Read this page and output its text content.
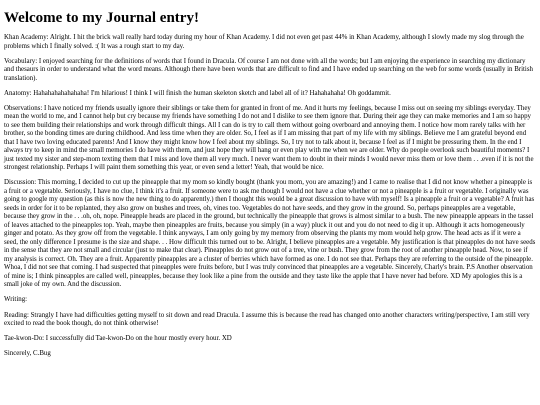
Welcome to my Journal entry!

Khan Academy: Alright. I hit the brick wall really hard today during my hour of Khan Academy. I did not even get past 44% in Khan Academy, although I slowly made my slog through the problems which I finally solved. :( It was a rough start to my day.

Vocabulary: I enjoyed searching for the definitions of words that I found in Dracula. Of course I am not done with all the words; but I am enjoying the experience in searching my dictionary and thesaurs in order to understand what the word means. Although there have been words that are difficult to find and I have ended up searching on the web for some words (usually in British translation).

Anatomy: Hahahahahahahaha! I'm hilarious! I think I will finish the human skeleton sketch and label all of it? Hahahahaha! Oh goddammit.

Observations: I have noticed my friends usually ignore their siblings or take them for granted in front of me. And it hurts my feelings, because I miss out on seeing my siblings everyday. They mean the world to me, and I cannot help but cry because my friends have something I do not and I dislike to see them ignore that. During their age they can make memories and I am so happy to see them building their relationships and work through difficult things. All I can do is try to call them without going overboard and annoying them. I notice how mom rarely talks with her brother, so the bonding times are during childhood. And less time when they are older. So, I feel as if I am missing that part of my life with my siblings. Believe me I am grateful beyond end that I have two loving educated parents! And I know they might know how I feel about my siblings. So, I try not to talk about it, because I feel as if I might be pressuring them. In the end I always try to keep in mind the small memories I do have with them, and just hope they will hang or even play with me when we are older. Why do people overlook such beautiful moments? I just texted my sister and step-mom texting them that I miss and love them all very much. I never want them to doubt in their minds I would never miss them or love them . . .even if it is not the strongest relationship. Perhaps I will paint them something this year, or even send a letter! Yeah, that would be nice.

Discussion: This morning, I decided to cut up the pineapple that my mom so kindly bought (thank you mom, you are amazing!) and I came to realise that I did not know whether a pineapple is a fruit or a vegetable. Seriously, I have no clue, I think it's a fruit. If someone were to ask me though I would not have a clue whether or not a pineapple is a fruit or vegetable. I originally was going to google my question (as this is now the new thing to do apparently.) then I thought this would be a great discussion to have with myself! Is a pineapple a fruit or a vegetable? A fruit has seeds in order for it to be replanted, they also grow on bushes and trees, oh, vines too. Vegetables do not have seeds, and they grow in the ground. So, perhaps pineapples are a vegetable, because they grow in the . . .oh, oh, nope. Pineapple heads are placed in the ground, but technically the pineapple that grows is almost similar to a bush. The new pineapple appears in the tassel of leaves attached to the pineapples top. Yeah, maybe then pineapples are fruits, because you simply (in a way) pluck it out and you do not need to dig it up. Although it acts homogeneously ginger and potato. As they grow off from the vegetable. I think anyways, I am only going by my memory from observing the plants my mom would help grow. The head acts as if it were a seed, the only difference I presume is the size and shape. . . How difficult this turned out to be. Alright, I believe pineapples are a vegetable. My justification is that pineapples do not have seeds in the sense that they are not small and circular (just to make that clear). Pineapples do not grow out of a tree, vine or bush. They grow from the root of another pineapple head. Now, to see if my analysis is correct. Oh. They are a fruit. Apparently pineapples are a cluster of berries which have formed as one. I do not see that. Perhaps they are referring to the outside of the pineapple. Whoa, I did not see that coming. I had suspected that pineapples were fruits before, but I was truly convinced that pineapples are a vegetable. Sincerely, Charly's brain. P.S Another observation of mine is; I think pineapples are called well, pineapples, because they look like a pine from the outside and they taste like the apple that I have never had before. XD My apologies this is a small joke of my own. And the discussion.

Writing:

Reading: Strangly I have had difficulties getting myself to sit down and read Dracula. I assume this is because the read has changed onto another characters writing/perspective, I am still very excited to read the book though, do not think otherwise!

Tae-kwon-Do: I successfully did Tae-kwon-Do on the hour mostly every hour. XD

Sincerely, C.Bug
